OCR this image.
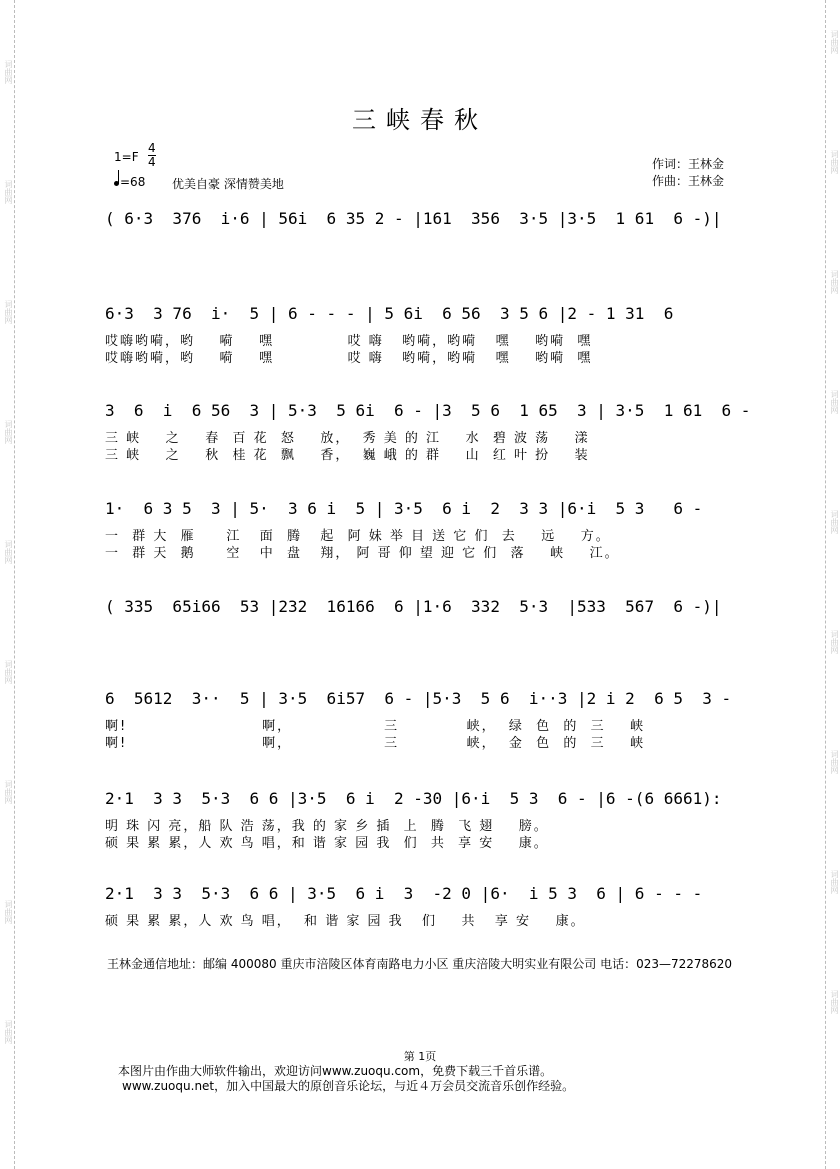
词曲网
词曲网
词曲网
词曲网
词曲网
词曲网
词曲网
词曲网
词曲网
词曲网
词曲网
词曲网
词曲网
词曲网
词曲网
词曲网
词曲网
词曲网
三峡春秋
1=F
4
4
=68 优美自豪 深情赞美地
作词：王林金
作曲：王林金
( 6·3  376  i·6 | 56i  6 35 2 - |161  356  3·5 |3·5  1 61  6 -)|
6·3  3 76  i·  5 | 6 - - - | 5 6i  6 56  3 5 6 |2 - 1 31  6
哎嗨哟嗬，哟    嗬    嘿            哎 嗨   哟嗬，哟嗬   嘿    哟嗬  嘿
哎嗨哟嗬，哟    嗬    嘿            哎 嗨   哟嗬，哟嗬   嘿    哟嗬  嘿
3  6  i  6 56  3 | 5·3  5 6i  6 - |3  5 6  1 65  3 | 3·5  1 61  6 -
三 峡    之    春  百 花  怒    放，  秀 美 的 江    水  碧 波 荡    漾
三 峡    之    秋  桂 花  飘    香，  巍 峨 的 群    山  红 叶 扮    装
1·  6 3 5  3 | 5·  3 6 i  5 | 3·5  6 i  2  3 3 |6·i  5 3   6 -
一  群 大  雁     江   面  腾   起  阿 妹 举 目 送 它 们  去    远    方。
一  群 天  鹅     空   中  盘   翔， 阿 哥 仰 望 迎 它 们  落    峡    江。
( 335  65i66  53 |232  16166  6 |1·6  332  5·3  |533  567  6 -)|
6  5612  3··  5 | 3·5  6i57  6 - |5·3  5 6  i··3 |2 i 2  6 5  3 -
啊!                      啊，               三           峡，  绿  色  的  三    峡
啊!                      啊，               三           峡，  金  色  的  三    峡
2·1  3 3  5·3  6 6 |3·5  6 i  2 -30 |6·i  5 3  6 - |6 -(6 6661):
明 珠 闪 亮，船 队 浩 荡，我 的 家 乡 插  上  腾  飞 翅    膀。
硕 果 累 累，人 欢 鸟 唱，和 谐 家 园 我  们  共  享 安    康。
2·1  3 3  5·3  6 6 | 3·5  6 i  3  -2 0 |6·  i 5 3  6 | 6 - - -
硕 果 累 累，人 欢 鸟 唱，  和 谐 家 园 我   们    共   享 安    康。
王林金通信地址：邮编 400080 重庆市涪陵区体育南路电力小区 重庆涪陵大明实业有限公司 电话：023—72278620
第 1页
本图片由作曲大师软件输出，欢迎访问www.zuoqu.com，免费下载三千首乐谱。
www.zuoqu.net，加入中国最大的原创音乐论坛，与近４万会员交流音乐创作经验。
